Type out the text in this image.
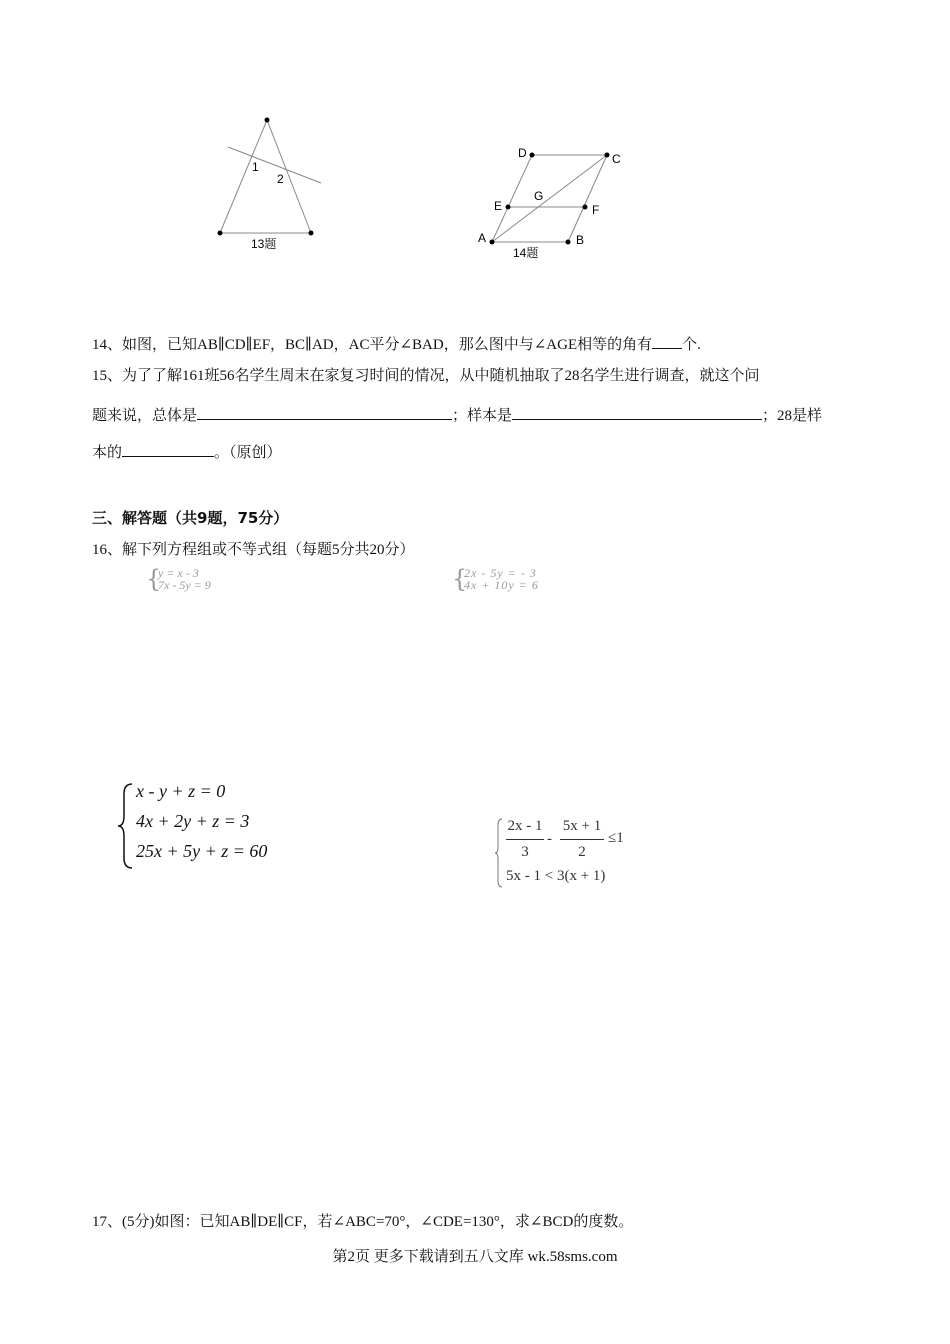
1
2
13题
D	C
G
E	F
A	B
14题
14、如图，已知AB∥CD∥EF，BC∥AD，AC平分∠BAD，那么图中与∠AGE相等的角有 个.
15、为了了解161班56名学生周末在家复习时间的情况，从中随机抽取了28名学生进行调查，就这个问
题来说，总体是	；样本是	；28是样
本的	。（原创）
三、解答题（共9题，75分）
16、解下列方程组或不等式组（每题5分共20分）
{
y = x - 3
7x - 5y = 9	{
2x - 5y = - 3
4x + 10y = 6
x - y + z = 0
4x + 2y + z = 3
25x + 5y + z = 60
2x - 1
3
-
5x + 1
2
≤1
5x - 1 < 3(x + 1)
17、(5分)如图：已知AB∥DE∥CF，若∠ABC=70°，∠CDE=130°，求∠BCD的度数。
第2页 更多下载请到五八文库 wk.58sms.com
